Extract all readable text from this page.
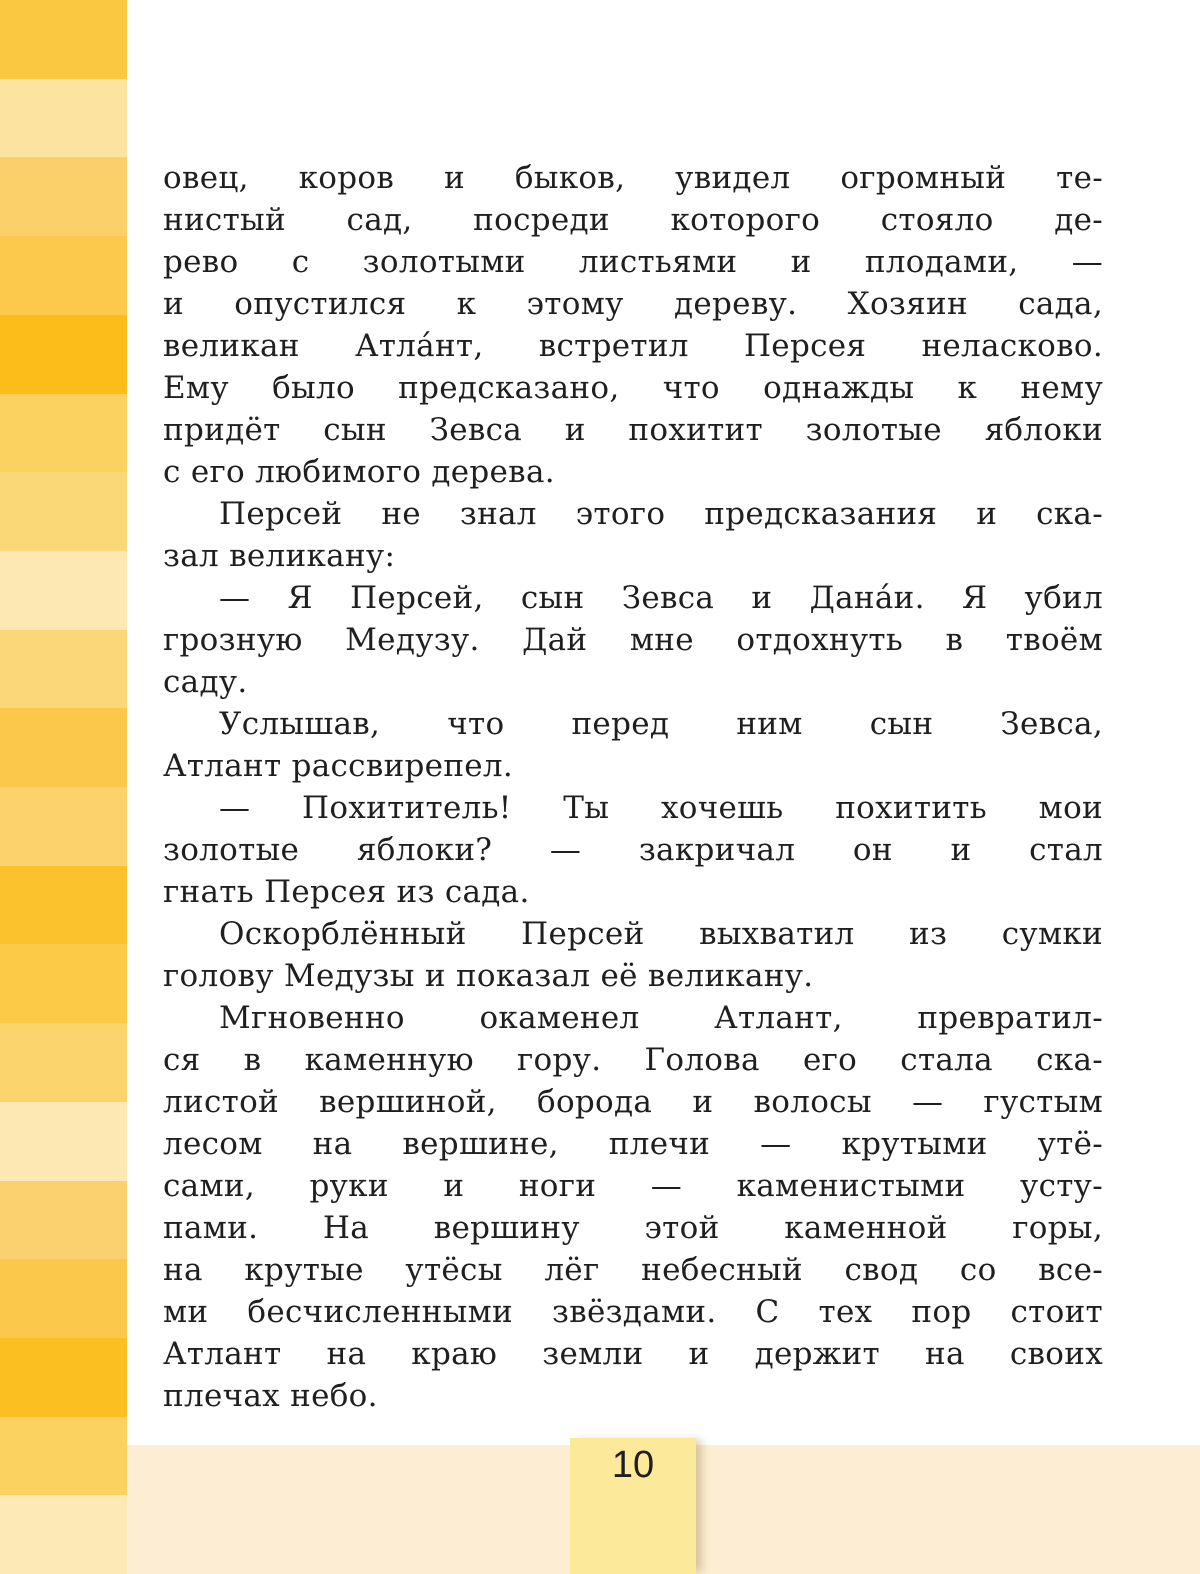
овец, коров и быков, увидел огромный те-
нистый сад, посреди которого стояло де-
рево с золотыми листьями и плодами, —
и опустился к этому дереву. Хозяин сада,
великан Атла́нт, встретил Персея неласково.
Ему было предсказано, что однажды к нему
придёт сын Зевса и похитит золотые яблоки
с его любимого дерева.
Персей не знал этого предсказания и ска-
зал великану:
— Я Персей, сын Зевса и Дана́и. Я убил
грозную Медузу. Дай мне отдохнуть в твоём
саду.
Услышав, что перед ним сын Зевса,
Атлант рассвирепел.
— Похититель! Ты хочешь похитить мои
золотые яблоки? — закричал он и стал
гнать Персея из сада.
Оскорблённый Персей выхватил из сумки
голову Медузы и показал её великану.
Мгновенно окаменел Атлант, превратил-
ся в каменную гору. Голова его стала ска-
листой вершиной, борода и волосы — густым
лесом на вершине, плечи — крутыми утё-
сами, руки и ноги — каменистыми усту-
пами. На вершину этой каменной горы,
на крутые утёсы лёг небесный свод со все-
ми бесчисленными звёздами. С тех пор стоит
Атлант на краю земли и держит на своих
плечах небо.
10
